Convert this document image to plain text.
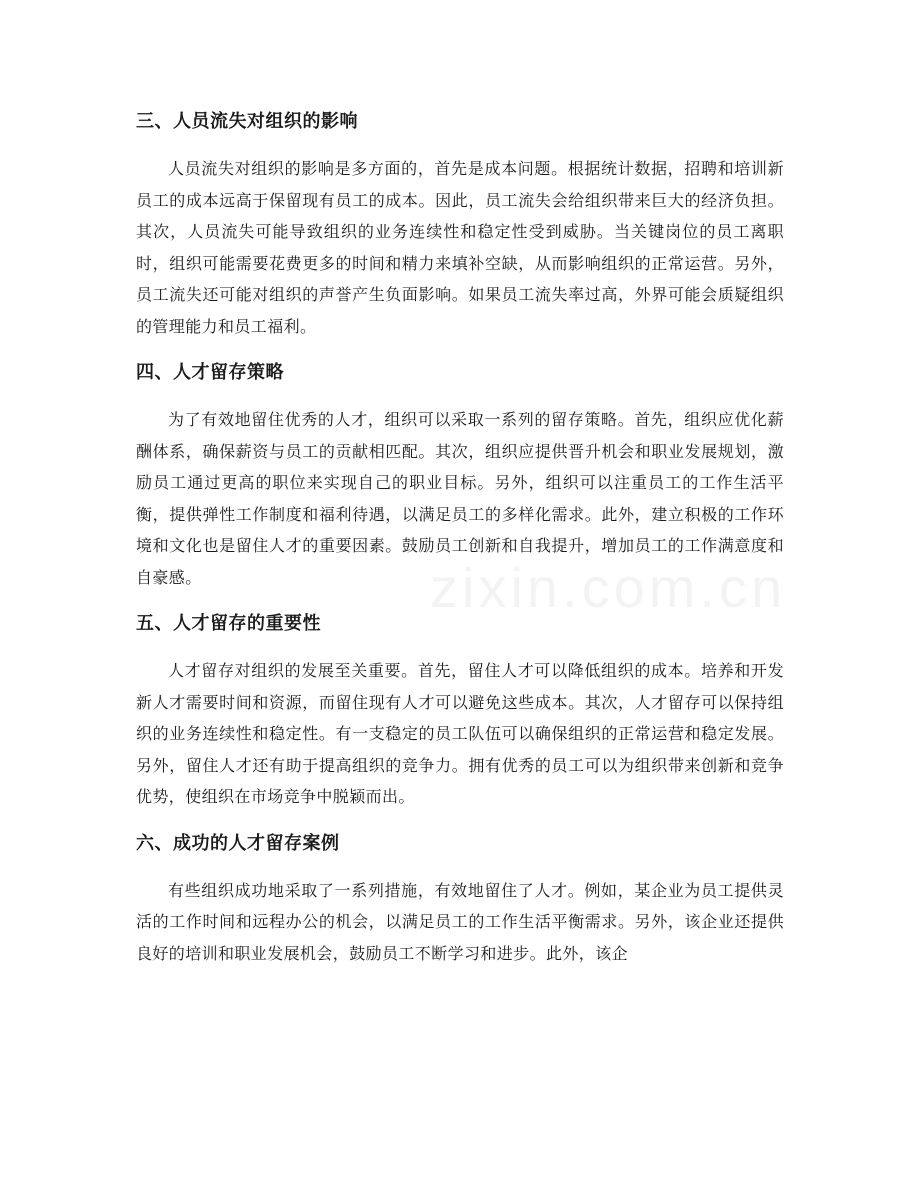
三、人员流失对组织的影响

人员流失对组织的影响是多方面的，首先是成本问题。根据统计数据，招聘和培训新员工的成本远高于保留现有员工的成本。因此，员工流失会给组织带来巨大的经济负担。其次，人员流失可能导致组织的业务连续性和稳定性受到威胁。当关键岗位的员工离职时，组织可能需要花费更多的时间和精力来填补空缺，从而影响组织的正常运营。另外，员工流失还可能对组织的声誉产生负面影响。如果员工流失率过高，外界可能会质疑组织的管理能力和员工福利。

四、人才留存策略

为了有效地留住优秀的人才，组织可以采取一系列的留存策略。首先，组织应优化薪酬体系，确保薪资与员工的贡献相匹配。其次，组织应提供晋升机会和职业发展规划，激励员工通过更高的职位来实现自己的职业目标。另外，组织可以注重员工的工作生活平衡，提供弹性工作制度和福利待遇，以满足员工的多样化需求。此外，建立积极的工作环境和文化也是留住人才的重要因素。鼓励员工创新和自我提升，增加员工的工作满意度和自豪感。

五、人才留存的重要性

人才留存对组织的发展至关重要。首先，留住人才可以降低组织的成本。培养和开发新人才需要时间和资源，而留住现有人才可以避免这些成本。其次，人才留存可以保持组织的业务连续性和稳定性。有一支稳定的员工队伍可以确保组织的正常运营和稳定发展。另外，留住人才还有助于提高组织的竞争力。拥有优秀的员工可以为组织带来创新和竞争优势，使组织在市场竞争中脱颖而出。

六、成功的人才留存案例

有些组织成功地采取了一系列措施，有效地留住了人才。例如，某企业为员工提供灵活的工作时间和远程办公的机会，以满足员工的工作生活平衡需求。另外，该企业还提供良好的培训和职业发展机会，鼓励员工不断学习和进步。此外，该企
